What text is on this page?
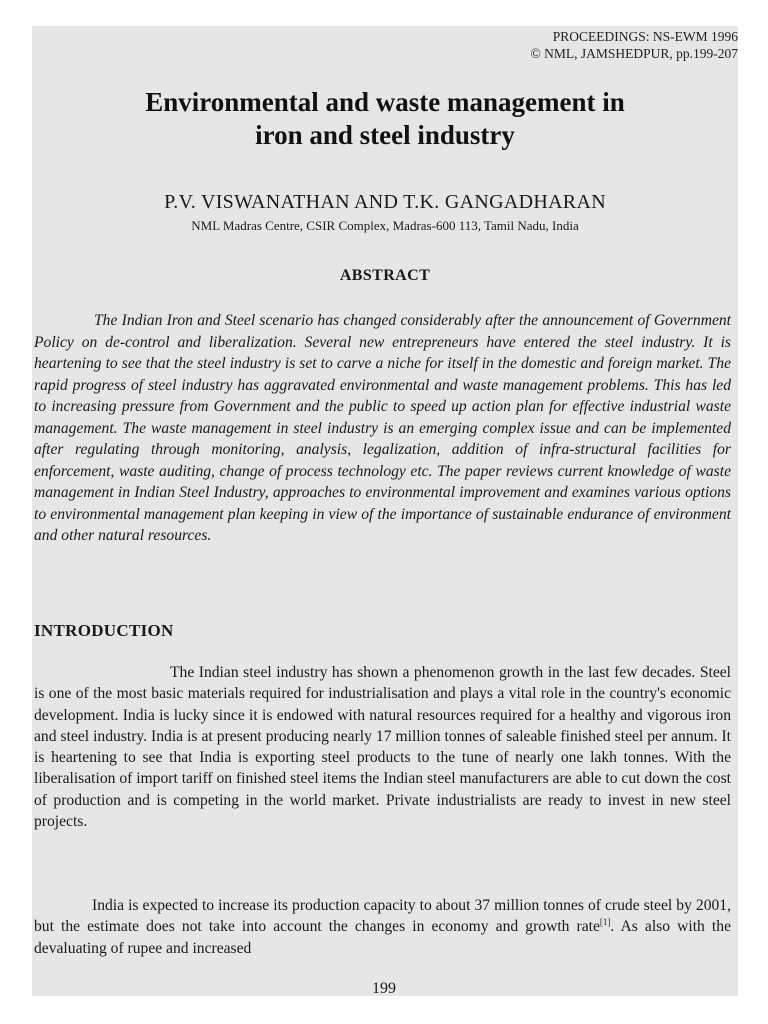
PROCEEDINGS: NS-EWM 1996
© NML, JAMSHEDPUR, pp.199-207
Environmental and waste management in
iron and steel industry
P.V. VISWANATHAN AND T.K. GANGADHARAN
NML Madras Centre, CSIR Complex, Madras-600 113, Tamil Nadu, India
ABSTRACT

The Indian Iron and Steel scenario has changed considerably after the announcement of Government Policy on de-control and liberalization. Several new entrepreneurs have entered the steel industry. It is heartening to see that the steel industry is set to carve a niche for itself in the domestic and foreign market. The rapid progress of steel industry has aggravated environmental and waste management problems. This has led to increasing pressure from Government and the public to speed up action plan for effective industrial waste management. The waste management in steel industry is an emerging complex issue and can be implemented after regulating through monitoring, analysis, legalization, addition of infra-structural facilities for enforcement, waste auditing, change of process technology etc. The paper reviews current knowledge of waste management in Indian Steel Industry, approaches to environmental improvement and examines various options to environmental management plan keeping in view of the importance of sustainable endurance of environment and other natural resources.

INTRODUCTION

The Indian steel industry has shown a phenomenon growth in the last few decades. Steel is one of the most basic materials required for industrialisation and plays a vital role in the country's economic development. India is lucky since it is endowed with natural resources required for a healthy and vigorous iron and steel industry. India is at present producing nearly 17 million tonnes of saleable finished steel per annum. It is heartening to see that India is exporting steel products to the tune of nearly one lakh tonnes. With the liberalisation of import tariff on finished steel items the Indian steel manufacturers are able to cut down the cost of production and is competing in the world market. Private industrialists are ready to invest in new steel projects.

India is expected to increase its production capacity to about 37 million tonnes of crude steel by 2001, but the estimate does not take into account the changes in economy and growth rate[1]. As also with the devaluating of rupee and increased

199
